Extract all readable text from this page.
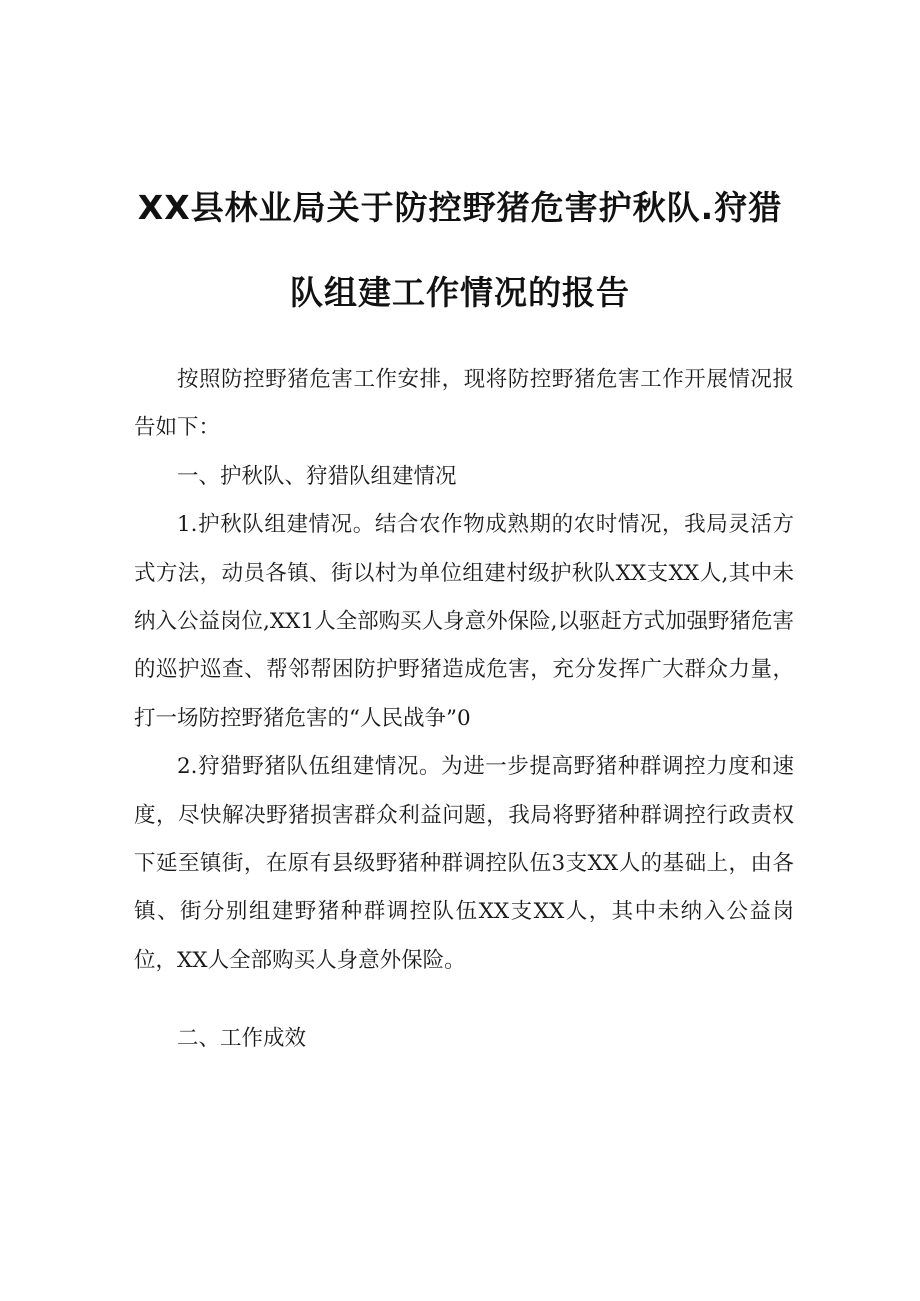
XX县林业局关于防控野猪危害护秋队.狩猎
队组建工作情况的报告

按照防控野猪危害工作安排，现将防控野猪危害工作开展情况报告如下：

一、护秋队、狩猎队组建情况

1.护秋队组建情况。结合农作物成熟期的农时情况，我局灵活方式方法，动员各镇、街以村为单位组建村级护秋队XX支XX人,其中未纳入公益岗位,XX1人全部购买人身意外保险,以驱赶方式加强野猪危害的巡护巡查、帮邻帮困防护野猪造成危害，充分发挥广大群众力量，打一场防控野猪危害的“人民战争”0

2.狩猎野猪队伍组建情况。为进一步提高野猪种群调控力度和速度，尽快解决野猪损害群众利益问题，我局将野猪种群调控行政责权下延至镇街，在原有县级野猪种群调控队伍3支XX人的基础上，由各镇、街分别组建野猪种群调控队伍XX支XX人，其中未纳入公益岗位，XX人全部购买人身意外保险。

二、工作成效
